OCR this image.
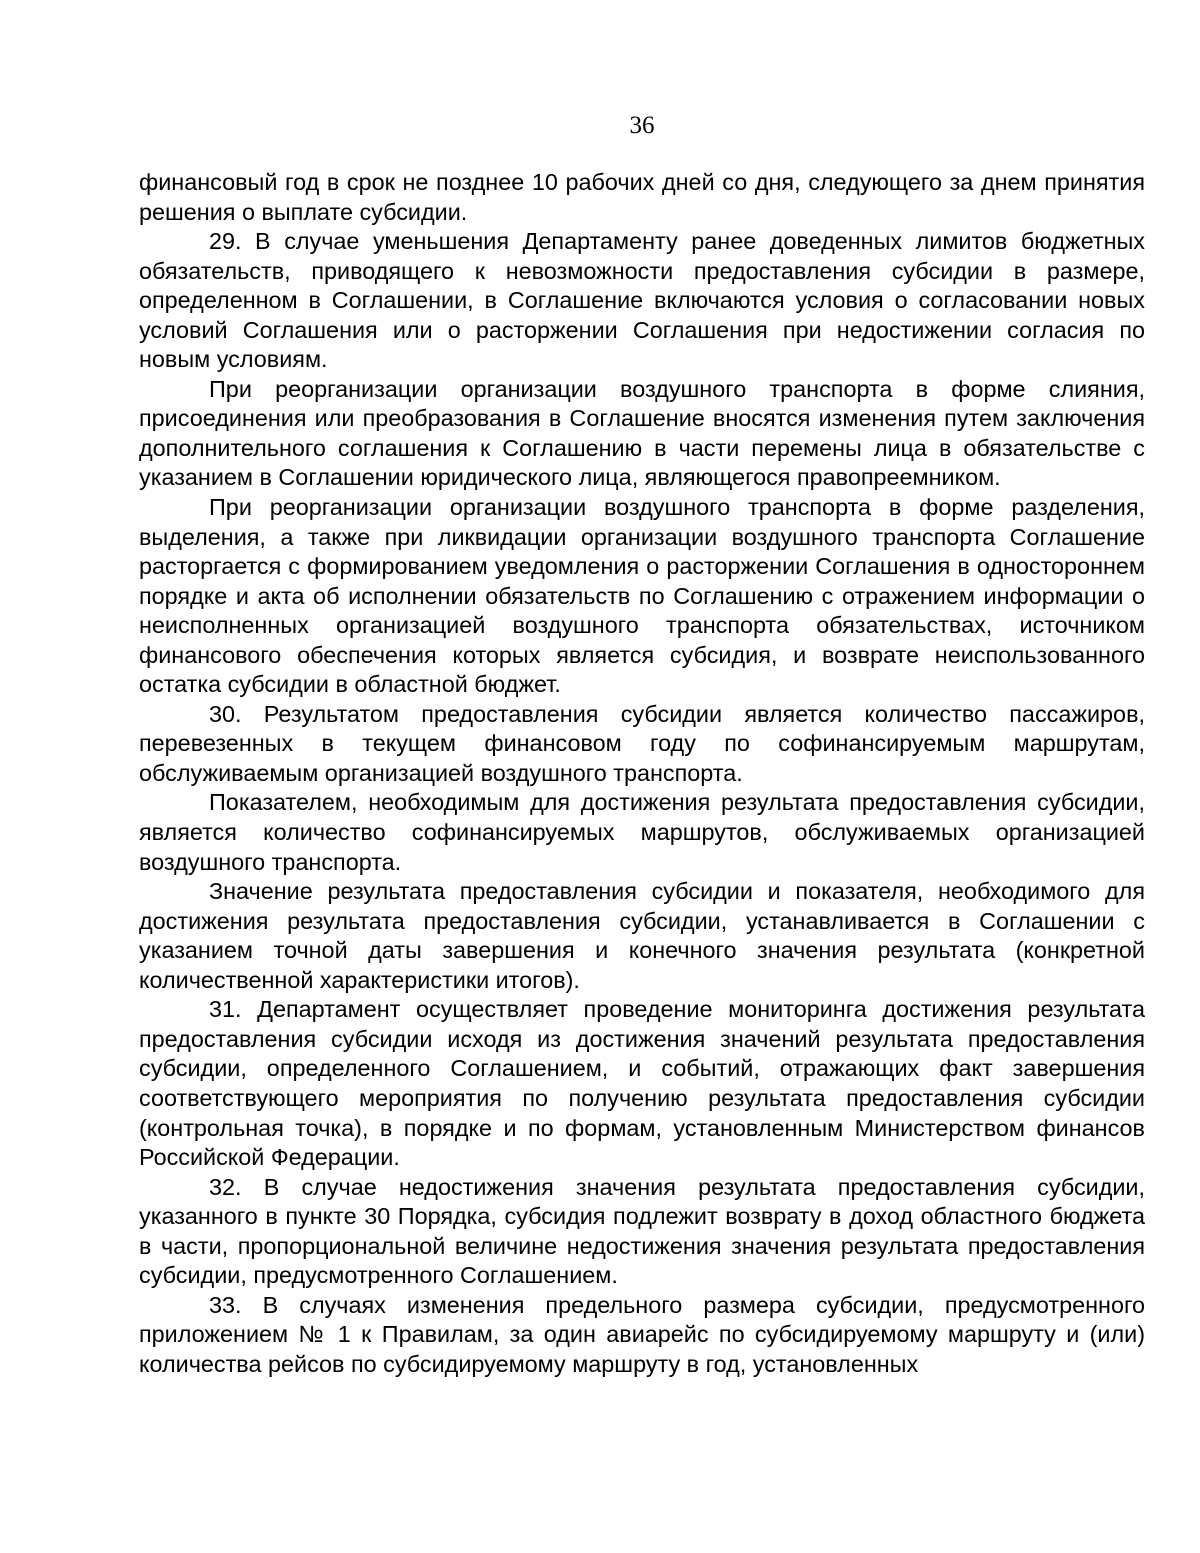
36

финансовый год в срок не позднее 10 рабочих дней со дня, следующего за днем принятия решения о выплате субсидии.

29. В случае уменьшения Департаменту ранее доведенных лимитов бюджетных обязательств, приводящего к невозможности предоставления субсидии в размере, определенном в Соглашении, в Соглашение включаются условия о согласовании новых условий Соглашения или о расторжении Соглашения при недостижении согласия по новым условиям.

При реорганизации организации воздушного транспорта в форме слияния, присоединения или преобразования в Соглашение вносятся изменения путем заключения дополнительного соглашения к Соглашению в части перемены лица в обязательстве с указанием в Соглашении юридического лица, являющегося правопреемником.

При реорганизации организации воздушного транспорта в форме разделения, выделения, а также при ликвидации организации воздушного транспорта Соглашение расторгается с формированием уведомления о расторжении Соглашения в одностороннем порядке и акта об исполнении обязательств по Соглашению с отражением информации о неисполненных организацией воздушного транспорта обязательствах, источником финансового обеспечения которых является субсидия, и возврате неиспользованного остатка субсидии в областной бюджет.

30. Результатом предоставления субсидии является количество пассажиров, перевезенных в текущем финансовом году по софинансируемым маршрутам, обслуживаемым организацией воздушного транспорта.

Показателем, необходимым для достижения результата предоставления субсидии, является количество софинансируемых маршрутов, обслуживаемых организацией воздушного транспорта.

Значение результата предоставления субсидии и показателя, необходимого для достижения результата предоставления субсидии, устанавливается в Соглашении с указанием точной даты завершения и конечного значения результата (конкретной количественной характеристики итогов).

31. Департамент осуществляет проведение мониторинга достижения результата предоставления субсидии исходя из достижения значений результата предоставления субсидии, определенного Соглашением, и событий, отражающих факт завершения соответствующего мероприятия по получению результата предоставления субсидии (контрольная точка), в порядке и по формам, установленным Министерством финансов Российской Федерации.

32. В случае недостижения значения результата предоставления субсидии, указанного в пункте 30 Порядка, субсидия подлежит возврату в доход областного бюджета в части, пропорциональной величине недостижения значения результата предоставления субсидии, предусмотренного Соглашением.

33. В случаях изменения предельного размера субсидии, предусмотренного приложением № 1 к Правилам, за один авиарейс по субсидируемому маршруту и (или) количества рейсов по субсидируемому маршруту в год, установленных
